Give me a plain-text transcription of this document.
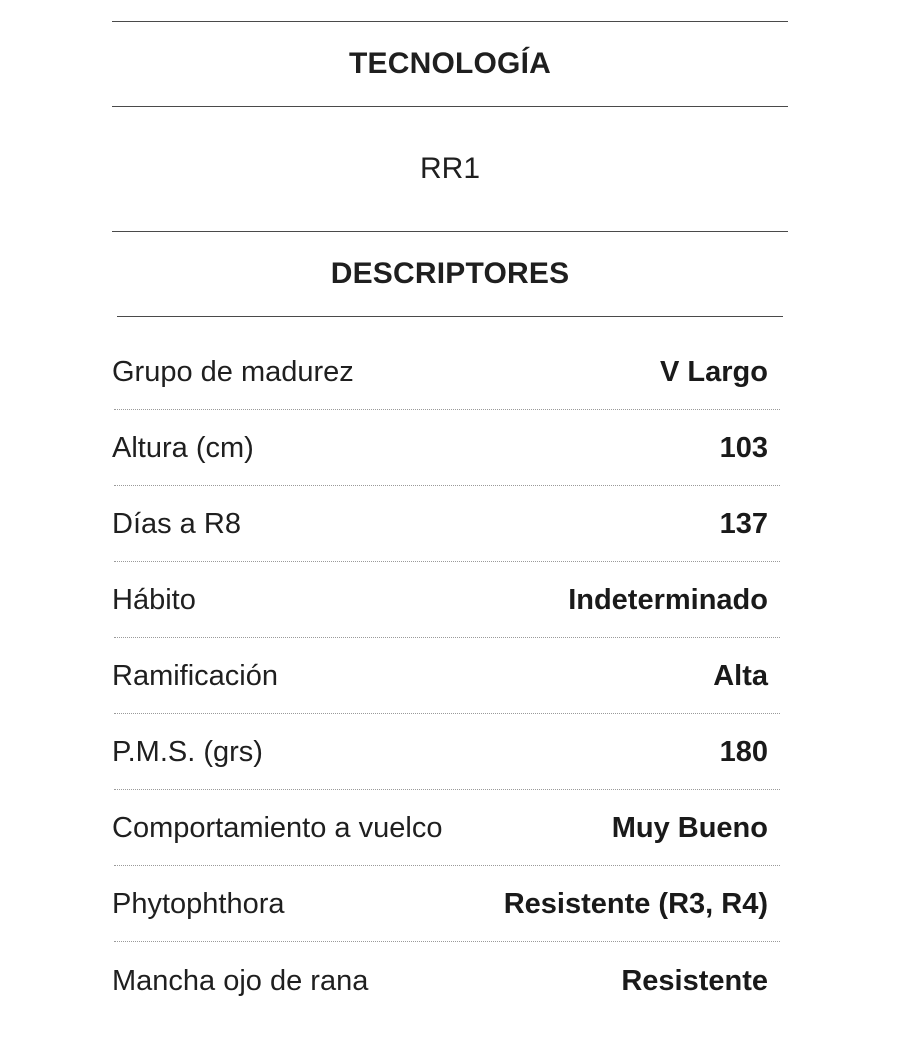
TECNOLOGÍA
RR1
DESCRIPTORES
Grupo de madurez	V Largo
Altura (cm)	103
Días a R8	137
Hábito	Indeterminado
Ramificación	Alta
P.M.S. (grs)	180
Comportamiento a vuelco	Muy Bueno
Phytophthora	Resistente (R3, R4)
Mancha ojo de rana	Resistente
